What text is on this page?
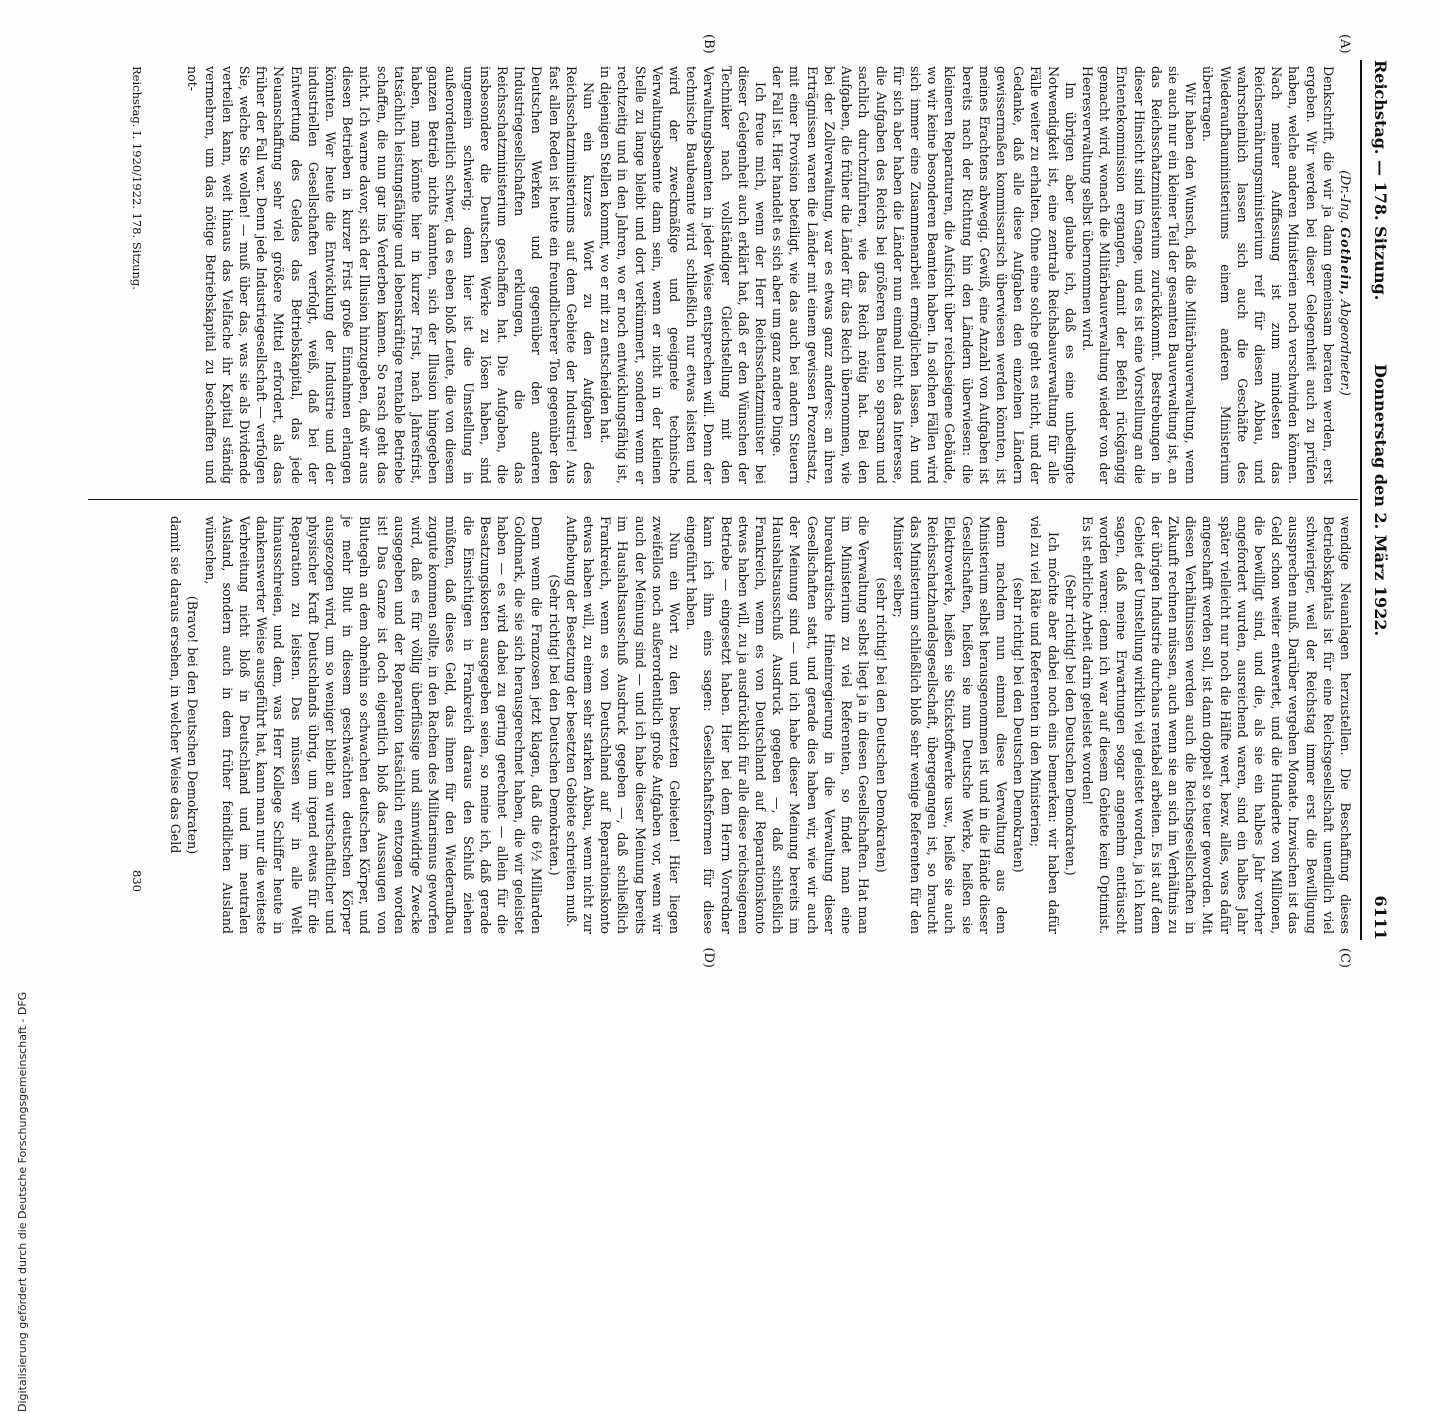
Reichstag. — 178. Sitzung.
Donnerstag den 2. März 1922.
6111
(A)
(B)
(C)
(D)

(Dr.-Ing. Gothein, Abgeordneter.)

Denkschrift, die wir ja dann gemeinsam beraten werden, erst ergeben. Wir werden bei dieser Gelegenheit auch zu prüfen haben, welche anderen Ministerien noch verschwinden können. Nach meiner Auffassung ist zum mindesten das Reichsernährungsministerium reif für diesen Abbau, und wahrscheinlich lassen sich auch die Geschäfte des Wiederaufbauministeriums einem anderen Ministerium übertragen.

Wir haben den Wunsch, daß die Militärbauverwaltung, wenn sie auch nur ein kleiner Teil der gesamten Bauverwaltung ist, an das Reichsschatzministerium zurückkommt. Bestrebungen in dieser Hinsicht sind im Gange, und es ist eine Vorstellung an die Ententekommission ergangen, damit der Befehl rückgängig gemacht wird, wonach die Militärbauverwaltung wieder von der Heeresverwaltung selbst übernommen wird.

Im übrigen aber glaube ich, daß es eine unbedingte Notwendigkeit ist, eine zentrale Reichsbauverwaltung für alle Fälle weiter zu erhalten. Ohne eine solche geht es nicht, und der Gedanke, daß alle diese Aufgaben den einzelnen Ländern gewissermaßen kommissarisch überwiesen werden könnten, ist meines Erachtens abwegig. Gewiß, eine Anzahl von Aufgaben ist bereits nach der Richtung hin den Ländern überwiesen: die kleineren Reparaturen, die Aufsicht über reichseigene Gebäude, wo wir keine besonderen Beamten haben. In solchen Fällen wird sich immer eine Zusammenarbeit ermöglichen lassen. An und für sich aber haben die Länder nun einmal nicht das Interesse, die Aufgaben des Reichs bei größeren Bauten so sparsam und sachlich durchzuführen, wie das Reich nötig hat. Bei den Aufgaben, die früher die Länder für das Reich übernommen, wie bei der Zollverwaltung, war es etwas ganz anderes: an ihren Erträgnissen waren die Länder mit einem gewissen Prozentsatz, mit einer Provision beteiligt, wie das auch bei andern Steuern der Fall ist. Hier handelt es sich aber um ganz andere Dinge.

Ich freue mich, wenn der Herr Reichsschatzminister bei dieser Gelegenheit auch erklärt hat, daß er den Wünschen der Techniker nach vollständiger Gleichstellung mit den Verwaltungsbeamten in jeder Weise entsprechen will. Denn der technische Baubeamte wird schließlich nur etwas leisten und wird der zweckmäßige und geeignete technische Verwaltungsbeamte dann sein, wenn er nicht in der kleinen Stelle zu lange bleibt und dort verkümmert, sondern wenn er rechtzeitig und in den Jahren, wo er noch entwicklungsfähig ist, in diejenigen Stellen kommt, wo er mit zu entscheiden hat.

Nun ein kurzes Wort zu den Aufgaben des Reichsschatzministeriums auf dem Gebiete der Industrie! Aus fast allen Reden ist heute ein freundlicherer Ton gegenüber den Deutschen Werken und gegenüber den anderen Industriegesellschaften erklungen, die das Reichsschatzministerium geschaffen hat. Die Aufgaben, die insbesondere die Deutschen Werke zu lösen haben, sind ungemein schwierig; denn hier ist die Umstellung in außerordentlich schwer, da es eben bloß Leute, die von diesem ganzen Betrieb nichts kannten, sich der Illusion hingegeben haben, man könnte hier in kurzer Frist, nach Jahresfrist, tatsächlich leistungsfähige und lebenskräftige rentable Betriebe schaffen, die nun gar ins Verderben kamen. So rasch geht das nicht. Ich warne davor, sich der Illusion hinzugeben, daß wir aus diesen Betrieben in kurzer Frist große Einnahmen erlangen könnten. Wer heute die Entwicklung der Industrie und der industriellen Gesellschaften verfolgt, weiß, daß bei der Entwertung des Geldes das Betriebskapital, das jede Neuanschaffung sehr viel größere Mittel erfordert, als das früher der Fall war. Denn jede Industriegesellschaft — verfolgen Sie, welche Sie wollen! — muß über das, was sie als Dividende verteilen kann, weit hinaus das Vielfache ihr Kapital ständig vermehren, um das nötige Betriebskapital zu beschaffen und not-

wendige Neuanlagen herzustellen. Die Beschaffung dieses Betriebskapitals ist für eine Reichsgesellschaft unendlich viel schwieriger, weil der Reichstag immer erst die Bewilligung aussprechen muß. Darüber vergehen Monate. Inzwischen ist das Geld schon weiter entwertet, und die Hunderte von Millionen, die bewilligt sind, und die, als sie ein halbes Jahr vorher angefordert wurden, ausreichend waren, sind ein halbes Jahr später vielleicht nur noch die Hälfte wert, bezw. alles, was dafür angeschafft werden soll, ist dann doppelt so teuer geworden. Mit diesen Verhältnissen werden auch die Reichsgesellschaften in Zukunft rechnen müssen, auch wenn sie an sich im Verhältnis zu der übrigen Industrie durchaus rentabel arbeiten. Es ist auf dem Gebiet der Umstellung wirklich viel geleistet worden, ja ich kann sagen, daß meine Erwartungen sogar angenehm enttäuscht worden waren: denn ich war auf diesem Gebiete kein Optimist. Es ist ehrliche Arbeit darin geleistet worden!

(Sehr richtig! bei den Deutschen Demokraten.)

Ich möchte aber dabei noch eins bemerken: wir haben dafür viel zu viel Räte und Referenten in den Ministerien;

(sehr richtig! bei den Deutschen Demokraten)

denn nachdem nun einmal diese Verwaltung aus dem Ministerium selbst herausgenommen ist und in die Hände dieser Gesellschaften, heißen sie nun Deutsche Werke, heißen sie Elektrowerke, heißen sie Stickstoffwerke usw., heiße sie auch Reichsschatzhandelsgesellschaft, übergegangen ist, so braucht das Ministerium schließlich bloß sehr wenige Referenten für den Minister selber;

(sehr richtig! bei den Deutschen Demokraten)

die Verwaltung selbst liegt ja in diesen Gesellschaften. Hat man im Ministerium zu viel Referenten, so findet man eine bureaukratische Hineinregierung in die Verwaltung dieser Gesellschaften statt, und gerade dies haben wir, wie wir auch der Meinung sind — und ich habe dieser Meinung bereits im Haushaltsausschuß Ausdruck gegeben —, daß schließlich Frankreich, wenn es von Deutschland auf Reparationskonto etwas haben will, zu ja ausdrücklich für alle diese reichseigenen Betriebe — eingesetzt haben. Hier bei dem Herrn Vorredner kann ich ihm eins sagen: Gesellschaftsformen für diese eingeführt haben.

Nun ein Wort zu den besetzten Gebieten! Hier liegen zweifellos noch außerordentlich große Aufgaben vor, wenn wir auch der Meinung sind — und ich habe dieser Meinung bereits im Haushaltsausschuß Ausdruck gegeben —, daß schließlich Frankreich, wenn es von Deutschland auf Reparationskonto etwas haben will, zu einem sehr starken Abbau, wenn nicht zur Aufhebung der Besetzung der besetzten Gebiete schreiten muß.

(Sehr richtig! bei den Deutschen Demokraten.)

Denn wenn die Franzosen jetzt klagen, daß die 6½ Milliarden Goldmark, die sie sich herausgerechnet haben, die wir geleistet haben — es wird dabei zu gering gerechnet — allein für die Besatzungskosten ausgegeben seien, so meine ich, daß gerade die Einsichtigen in Frankreich daraus den Schluß ziehen müßten, daß dieses Geld, das ihnen für den Wiederaufbau zugute kommen sollte, in den Rachen des Militarismus geworfen wird, daß es für völlig überflüssige und sinnwidrige Zwecke ausgegeben und der Reparation tatsächlich entzogen worden ist! Das Ganze ist doch eigentlich bloß das Aussaugen von Blutegeln an dem ohnehin so schwachen deutschen Körper, und je mehr Blut in diesem geschwächten deutschen Körper ausgezogen wird, um so weniger bleibt an wirtschaftlicher und physischer Kraft Deutschlands übrig, um irgend etwas für die Reparation zu leisten. Das müssen wir in alle Welt hinausschreien, und dem, was Herr Kollege Schiffer heute in dankenswerter Weise ausgeführt hat, kann man nur die weiteste Verbreitung nicht bloß in Deutschland und im neutralen Ausland, sondern auch in dem früher feindlichen Ausland wünschen,

(Bravo! bei den Deutschen Demokraten)

damit sie daraus ersehen, in welcher Weise das Geld

Reichstag. I. 1920/1922. 178. Sitzung.
830
Digitalisierung gefördert durch die Deutsche Forschungsgemeinschaft - DFG
